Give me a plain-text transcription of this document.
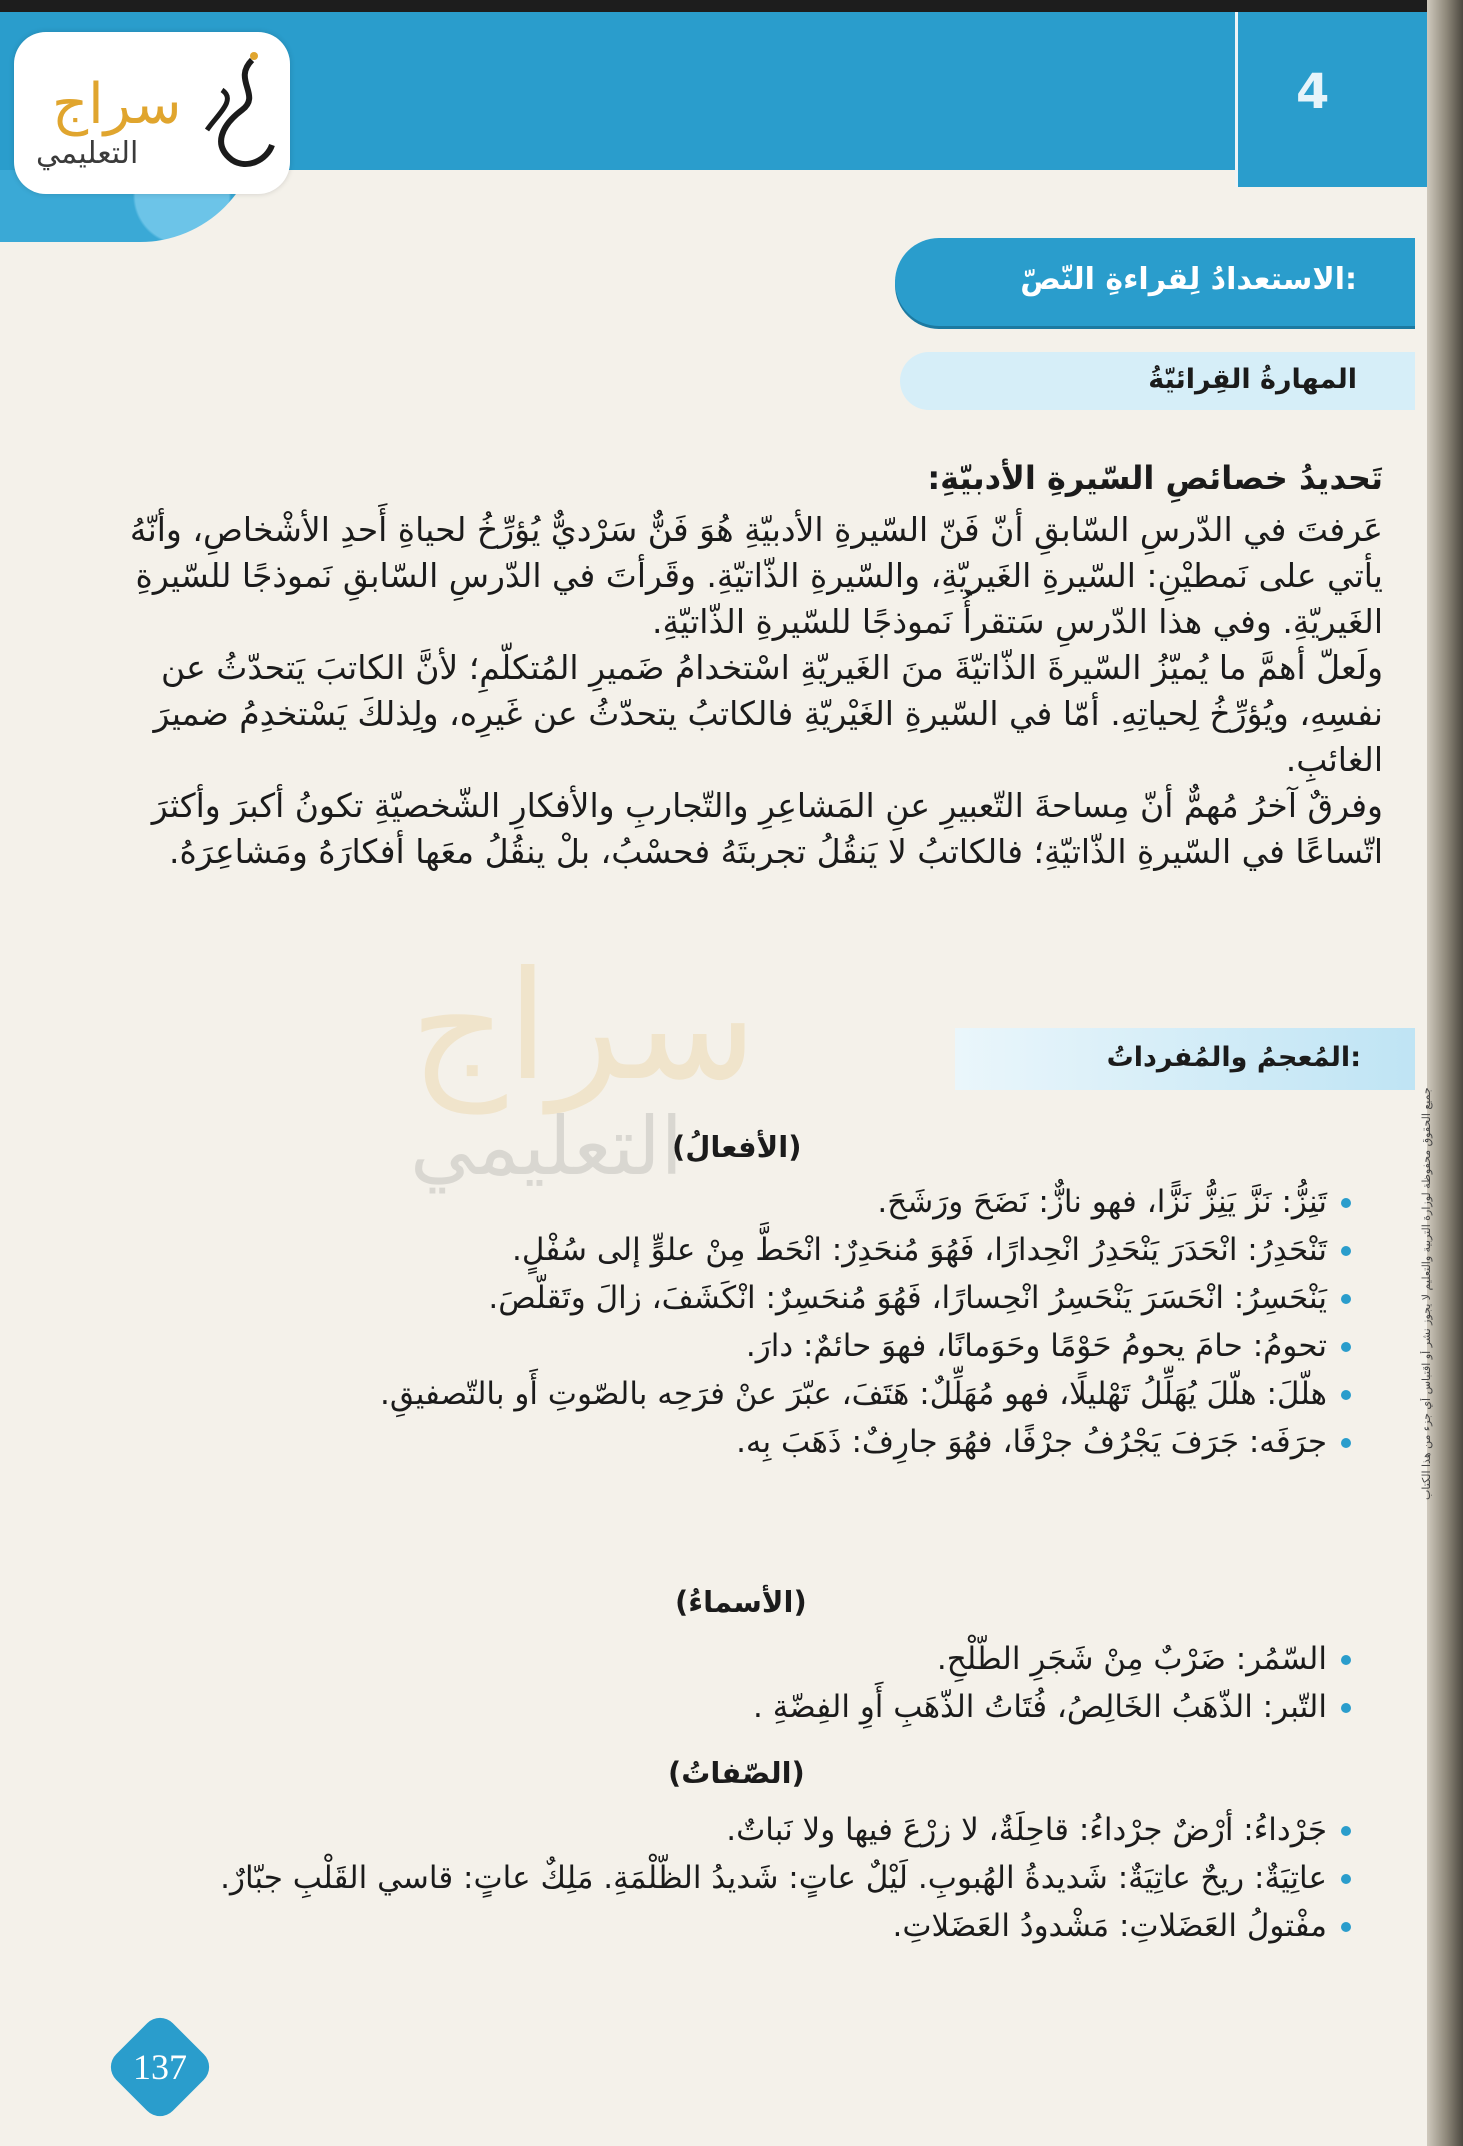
4
سراج
التعليمي
الاستعدادُ لِقراءةِ النّصّ:
المهارةُ القِرائيّةُ
تَحديدُ خصائصِ السّيرةِ الأدبيّةِ:
عَرفتَ في الدّرسِ السّابقِ أنّ فَنّ السّيرةِ الأدبيّةِ هُوَ فَنٌّ سَرْديٌّ يُؤرِّخُ لحياةِ أَحدِ الأشْخاصِ، وأنّهُ
يأتي على نَمطيْنِ: السّيرةِ الغَيريّةِ، والسّيرةِ الذّاتيّةِ. وقَرأتَ في الدّرسِ السّابقِ نَموذجًا للسّيرةِ
الغَيريّةِ. وفي هذا الدّرسِ سَتقرأُ نَموذجًا للسّيرةِ الذّاتيّةِ.
ولَعلّ أهمَّ ما يُميّزُ السّيرةَ الذّاتيّةَ منَ الغَيريّةِ اسْتخدامُ ضَميرِ المُتكلّمِ؛ لأنَّ الكاتبَ يَتحدّثُ عن
نفسِهِ، ويُؤرِّخُ لِحياتِهِ. أمّا في السّيرةِ الغَيْريّةِ فالكاتبُ يتحدّثُ عن غَيرِه، ولِذلكَ يَسْتخدِمُ ضميرَ
الغائبِ.
وفرقٌ آخرُ مُهمٌّ أنّ مِساحةَ التّعبيرِ عنِ المَشاعِرِ والتّجاربِ والأفكارِ الشّخصيّةِ تكونُ أكبرَ وأكثرَ
اتّساعًا في السّيرةِ الذّاتيّةِ؛ فالكاتبُ لا يَنقُلُ تجربتَهُ فحسْبُ، بلْ ينقُلُ معَها أفكارَهُ ومَشاعِرَهُ.
المُعجمُ والمُفرداتُ:
سراج
التعليمي
(الأفعالُ)
تَنِزُّ: نَزَّ يَنِزُّ نَزًّا، فهو نازٌّ: نَضَحَ ورَشَحَ.
تَنْحَدِرُ: انْحَدَرَ يَنْحَدِرُ انْحِدارًا، فَهُوَ مُنحَدِرٌ: انْحَطَّ مِنْ علوٍّ إلى سُفْلٍ.
يَنْحَسِرُ: انْحَسَرَ يَنْحَسِرُ انْحِسارًا، فَهُوَ مُنحَسِرٌ: انْكَشَفَ، زالَ وتَقلّصَ.
تحومُ: حامَ يحومُ حَوْمًا وحَوَمانًا، فهوَ حائمٌ: دارَ.
هلّلَ: هلّلَ يُهَلِّلُ تَهْليلًا، فهو مُهَلِّلٌ: هَتَفَ، عبّرَ عنْ فرَحِه بالصّوتِ أَو بالتّصفيقِ.
جرَفَه: جَرَفَ يَجْرُفُ جرْفًا، فهُوَ جارِفٌ: ذَهَبَ بِه.
(الأسماءُ)
السّمُر: ضَرْبٌ مِنْ شَجَرِ الطّلْحِ.
التّبر: الذّهَبُ الخَالِصُ، فُتَاتُ الذّهَبِ أَوِ الفِضّةِ .
(الصّفاتُ)
جَرْداءُ: أرْضٌ جرْداءُ: قاحِلَةٌ، لا زرْعَ فيها ولا نَباتٌ.
عاتِيَةٌ: ريحٌ عاتِيَةٌ: شَديدةُ الهُبوبِ. لَيْلٌ عاتٍ: شَديدُ الظّلْمَةِ. مَلِكٌ عاتٍ: قاسي القَلْبِ جبّارٌ.
مفْتولُ العَضَلاتِ: مَشْدودُ العَضَلاتِ.
جميع الحقوق محفوظة لوزارة التربية والتعليم لا يجوز نشر أو اقتباس أي جزء من هذا الكتاب
137
